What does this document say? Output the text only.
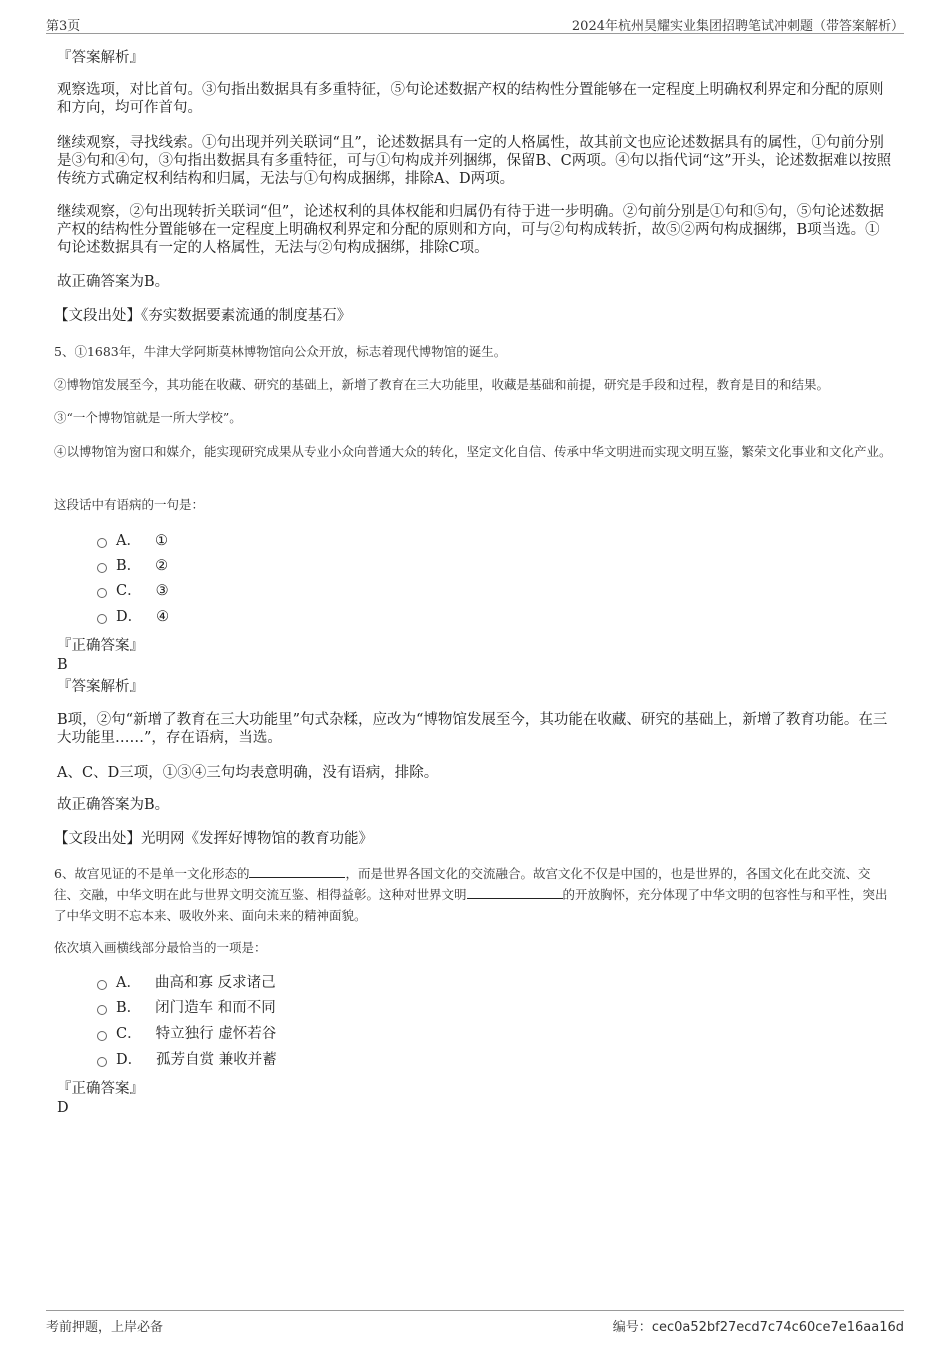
第3页	2024年杭州昊耀实业集团招聘笔试冲刺题（带答案解析）

『答案解析』

观察选项，对比首句。③句指出数据具有多重特征，⑤句论述数据产权的结构性分置能够在一定程度上明确权利界定和分配的原则和方向，均可作首句。

继续观察，寻找线索。①句出现并列关联词“且”，论述数据具有一定的人格属性，故其前文也应论述数据具有的属性，①句前分别是③句和④句，③句指出数据具有多重特征，可与①句构成并列捆绑，保留B、C两项。④句以指代词“这”开头，论述数据难以按照传统方式确定权利结构和归属，无法与①句构成捆绑，排除A、D两项。

继续观察，②句出现转折关联词“但”，论述权利的具体权能和归属仍有待于进一步明确。②句前分别是①句和⑤句，⑤句论述数据产权的结构性分置能够在一定程度上明确权利界定和分配的原则和方向，可与②句构成转折，故⑤②两句构成捆绑，B项当选。①句论述数据具有一定的人格属性，无法与②句构成捆绑，排除C项。

故正确答案为B。

【文段出处】《夯实数据要素流通的制度基石》

5、①1683年，牛津大学阿斯莫林博物馆向公众开放，标志着现代博物馆的诞生。

②博物馆发展至今，其功能在收藏、研究的基础上，新增了教育在三大功能里，收藏是基础和前提，研究是手段和过程，教育是目的和结果。

③“一个博物馆就是一所大学校”。

④以博物馆为窗口和媒介，能实现研究成果从专业小众向普通大众的转化，坚定文化自信、传承中华文明进而实现文明互鉴，繁荣文化事业和文化产业。

这段话中有语病的一句是：

A． ①
B． ②
C． ③
D． ④

『正确答案』

B

『答案解析』

B项，②句“新增了教育在三大功能里”句式杂糅，应改为“博物馆发展至今，其功能在收藏、研究的基础上，新增了教育功能。在三大功能里……”，存在语病，当选。

A、C、D三项，①③④三句均表意明确，没有语病，排除。

故正确答案为B。

【文段出处】光明网《发挥好博物馆的教育功能》

6、故宫见证的不是单一文化形态的	，而是世界各国文化的交流融合。故宫文化不仅是中国的，也是世界的，各国文化在此交流、交往、交融，中华文明在此与世界文明交流互鉴、相得益彰。这种对世界文明	的开放胸怀，充分体现了中华文明的包容性与和平性，突出了中华文明不忘本来、吸收外来、面向未来的精神面貌。

依次填入画横线部分最恰当的一项是：

A． 曲高和寡 反求诸己
B． 闭门造车 和而不同
C． 特立独行 虚怀若谷
D． 孤芳自赏 兼收并蓄

『正确答案』

D

考前押题，上岸必备	编号：cec0a52bf27ecd7c74c60ce7e16aa16d
